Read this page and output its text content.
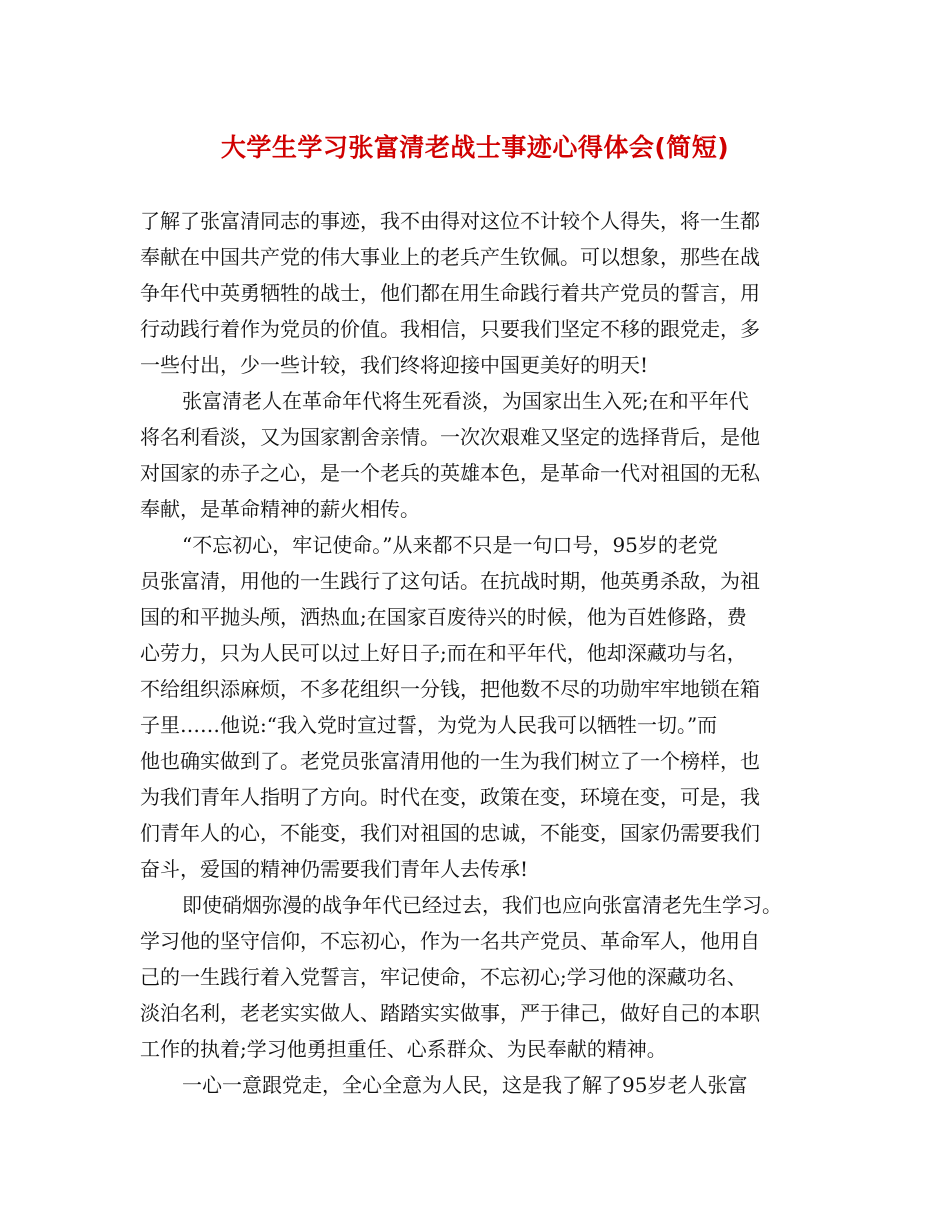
大学生学习张富清老战士事迹心得体会(简短)
了解了张富清同志的事迹，我不由得对这位不计较个人得失，将一生都
奉献在中国共产党的伟大事业上的老兵产生钦佩。可以想象，那些在战
争年代中英勇牺牲的战士，他们都在用生命践行着共产党员的誓言，用
行动践行着作为党员的价值。我相信，只要我们坚定不移的跟党走，多
一些付出，少一些计较，我们终将迎接中国更美好的明天!
张富清老人在革命年代将生死看淡，为国家出生入死;在和平年代
将名利看淡，又为国家割舍亲情。一次次艰难又坚定的选择背后，是他
对国家的赤子之心，是一个老兵的英雄本色，是革命一代对祖国的无私
奉献，是革命精神的薪火相传。
“不忘初心，牢记使命。”从来都不只是一句口号，95岁的老党
员张富清，用他的一生践行了这句话。在抗战时期，他英勇杀敌，为祖
国的和平抛头颅，洒热血;在国家百废待兴的时候，他为百姓修路，费
心劳力，只为人民可以过上好日子;而在和平年代，他却深藏功与名，
不给组织添麻烦，不多花组织一分钱，把他数不尽的功勋牢牢地锁在箱
子里……他说:“我入党时宣过誓，为党为人民我可以牺牲一切。”而
他也确实做到了。老党员张富清用他的一生为我们树立了一个榜样，也
为我们青年人指明了方向。时代在变，政策在变，环境在变，可是，我
们青年人的心，不能变，我们对祖国的忠诚，不能变，国家仍需要我们
奋斗，爱国的精神仍需要我们青年人去传承!
即使硝烟弥漫的战争年代已经过去，我们也应向张富清老先生学习。
学习他的坚守信仰，不忘初心，作为一名共产党员、革命军人，他用自
己的一生践行着入党誓言，牢记使命，不忘初心;学习他的深藏功名、
淡泊名利，老老实实做人、踏踏实实做事，严于律己，做好自己的本职
工作的执着;学习他勇担重任、心系群众、为民奉献的精神。
一心一意跟党走，全心全意为人民，这是我了解了95岁老人张富
